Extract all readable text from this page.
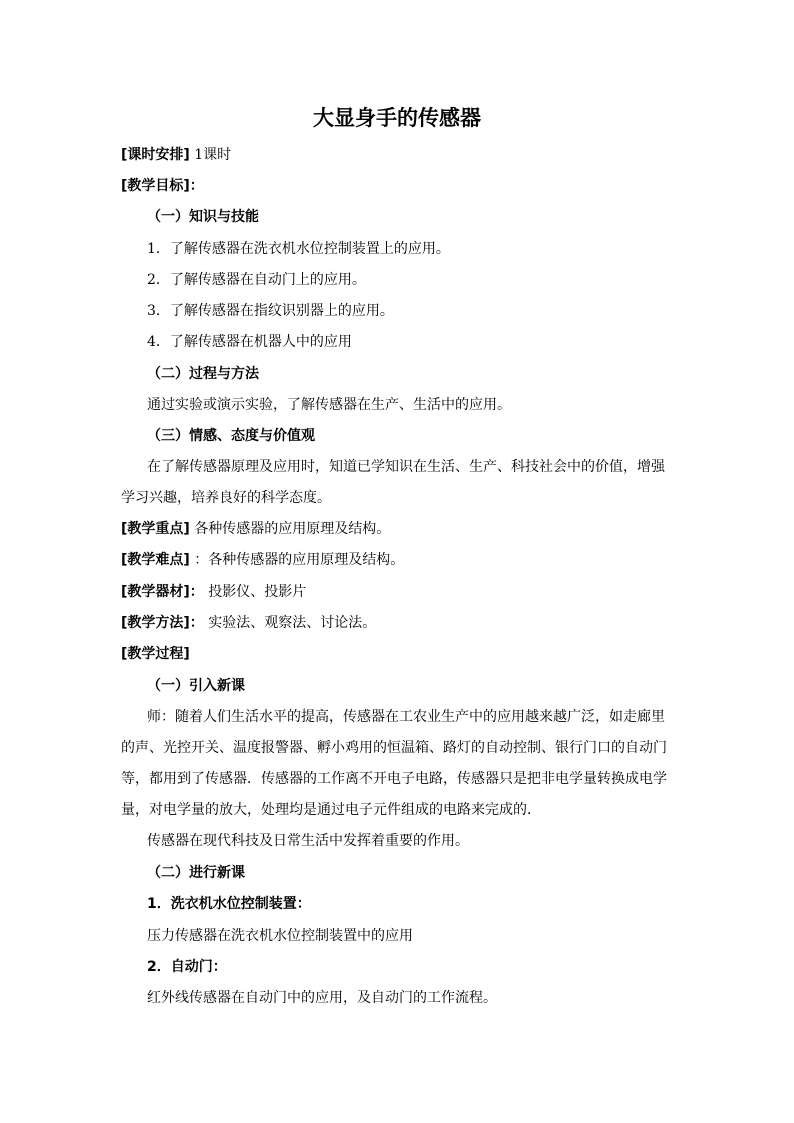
大显身手的传感器
[课时安排] 1课时
[教学目标]：
（一）知识与技能
1．了解传感器在洗衣机水位控制装置上的应用。
2．了解传感器在自动门上的应用。
3．了解传感器在指纹识别器上的应用。
4．了解传感器在机器人中的应用
（二）过程与方法
通过实验或演示实验，了解传感器在生产、生活中的应用。
（三）情感、态度与价值观
在了解传感器原理及应用时，知道已学知识在生活、生产、科技社会中的价值，增强
学习兴趣，培养良好的科学态度。
[教学重点] 各种传感器的应用原理及结构。
[教学难点] ：各种传感器的应用原理及结构。
[教学器材]： 投影仪、投影片
[教学方法]： 实验法、观察法、讨论法。
[教学过程]
（一）引入新课
师：随着人们生活水平的提高，传感器在工农业生产中的应用越来越广泛，如走廊里
的声、光控开关、温度报警器、孵小鸡用的恒温箱、路灯的自动控制、银行门口的自动门
等，都用到了传感器．传感器的工作离不开电子电路，传感器只是把非电学量转换成电学
量，对电学量的放大，处理均是通过电子元件组成的电路来完成的．
传感器在现代科技及日常生活中发挥着重要的作用。
（二）进行新课
1．洗衣机水位控制装置：
压力传感器在洗衣机水位控制装置中的应用
2．自动门：
红外线传感器在自动门中的应用，及自动门的工作流程。
